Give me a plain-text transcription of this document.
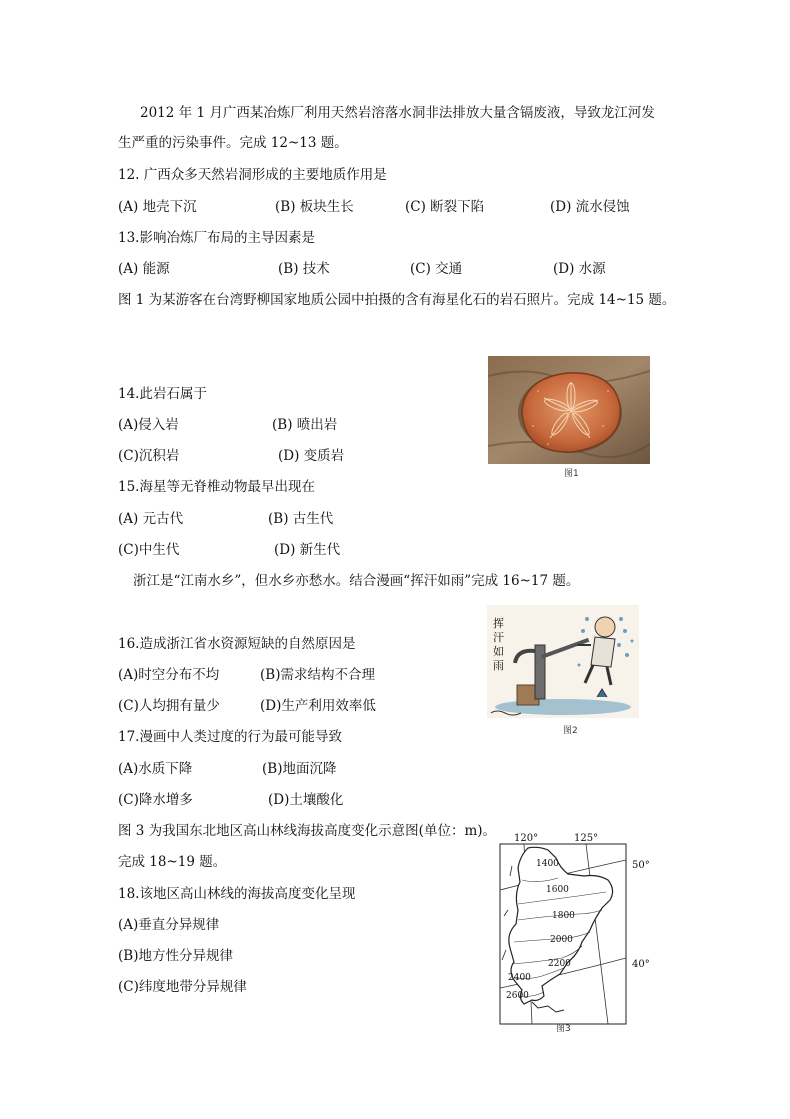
2012 年 1 月广西某冶炼厂利用天然岩溶落水洞非法排放大量含镉废液，导致龙江河发
生严重的污染事件。完成 12~13 题。
12. 广西众多天然岩洞形成的主要地质作用是
(A) 地壳下沉	(B) 板块生长	(C) 断裂下陷	(D) 流水侵蚀
13.影响冶炼厂布局的主导因素是
(A) 能源	(B) 技术	(C) 交通	(D) 水源
图 1 为某游客在台湾野柳国家地质公园中拍摄的含有海星化石的岩石照片。完成 14~15 题。
图1
14.此岩石属于
(A)侵入岩	(B) 喷出岩
(C)沉积岩	(D) 变质岩
15.海星等无脊椎动物最早出现在
(A) 元古代	(B) 古生代
(C)中生代	(D) 新生代
浙江是“江南水乡”，但水乡亦愁水。结合漫画“挥汗如雨”完成 16~17 题。
挥
汗
如
雨
图2
16.造成浙江省水资源短缺的自然原因是
(A)时空分布不均	(B)需求结构不合理
(C)人均拥有量少	(D)生产利用效率低
17.漫画中人类过度的行为最可能导致
(A)水质下降	(B)地面沉降
(C)降水增多	(D)土壤酸化
图 3 为我国东北地区高山林线海拔高度变化示意图(单位：m)。
完成 18~19 题。
120°	125°
50°
40°
1400
1600
1800
2000
2200
2400
2600
图3
18.该地区高山林线的海拔高度变化呈现
(A)垂直分异规律
(B)地方性分异规律
(C)纬度地带分异规律
